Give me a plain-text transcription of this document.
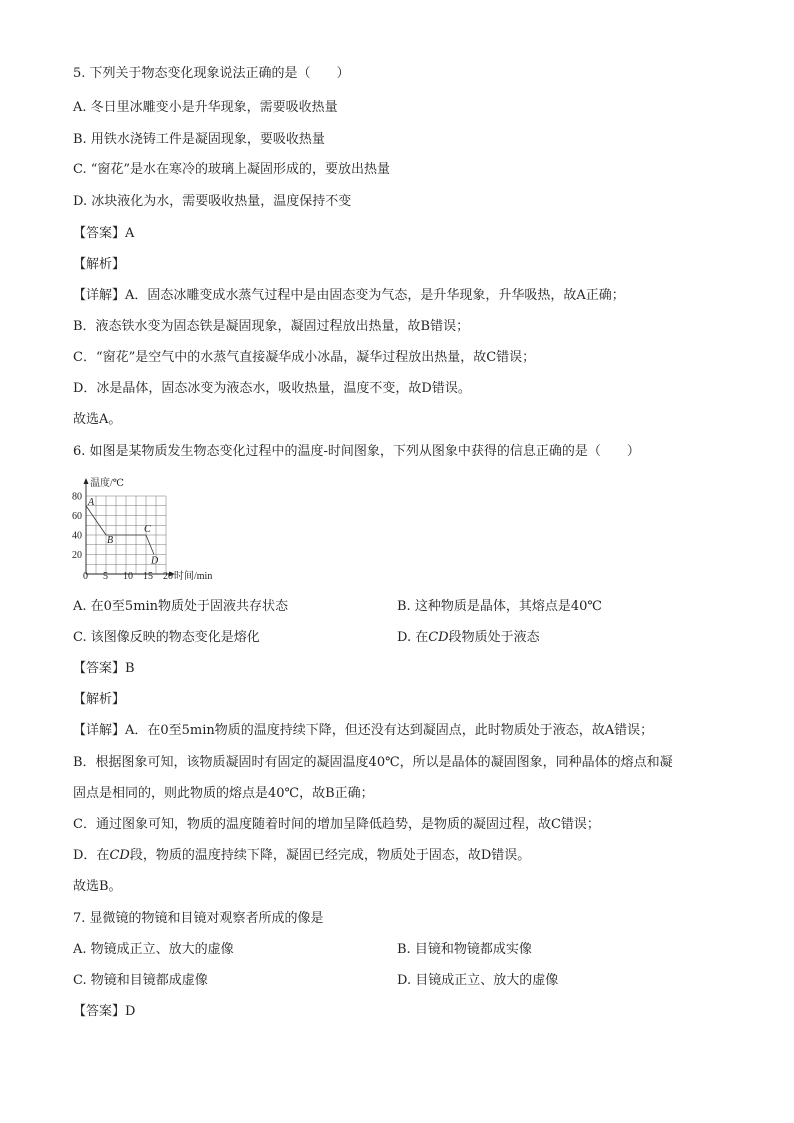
5. 下列关于物态变化现象说法正确的是（　　）
A. 冬日里冰雕变小是升华现象，需要吸收热量
B. 用铁水浇铸工件是凝固现象，要吸收热量
C. “窗花”是水在寒冷的玻璃上凝固形成的，要放出热量
D. 冰块液化为水，需要吸收热量，温度保持不变
【答案】A
【解析】
【详解】A．固态冰雕变成水蒸气过程中是由固态变为气态，是升华现象，升华吸热，故A正确；
B．液态铁水变为固态铁是凝固现象，凝固过程放出热量，故B错误；
C．“窗花”是空气中的水蒸气直接凝华成小冰晶，凝华过程放出热量，故C错误；
D．冰是晶体，固态冰变为液态水，吸收热量，温度不变，故D错误。
故选A。
6. 如图是某物质发生物态变化过程中的温度-时间图象，下列从图象中获得的信息正确的是（　　）
温度/℃
时间/min
80
60
40
20
0 5 10 15 20
A
B
C
D
A. 在0至5min物质处于固液共存状态	B. 这种物质是晶体，其熔点是40℃
C. 该图像反映的物态变化是熔化	D. 在CD段物质处于液态
【答案】B
【解析】
【详解】A．在0至5min物质的温度持续下降，但还没有达到凝固点，此时物质处于液态，故A错误；
B．根据图象可知，该物质凝固时有固定的凝固温度40℃，所以是晶体的凝固图象，同种晶体的熔点和凝
固点是相同的，则此物质的熔点是40℃，故B正确；
C．通过图象可知，物质的温度随着时间的增加呈降低趋势，是物质的凝固过程，故C错误；
D．在CD段，物质的温度持续下降，凝固已经完成，物质处于固态，故D错误。
故选B。
7. 显微镜的物镜和目镜对观察者所成的像是
A. 物镜成正立、放大的虚像	B. 目镜和物镜都成实像
C. 物镜和目镜都成虚像	D. 目镜成正立、放大的虚像
【答案】D
